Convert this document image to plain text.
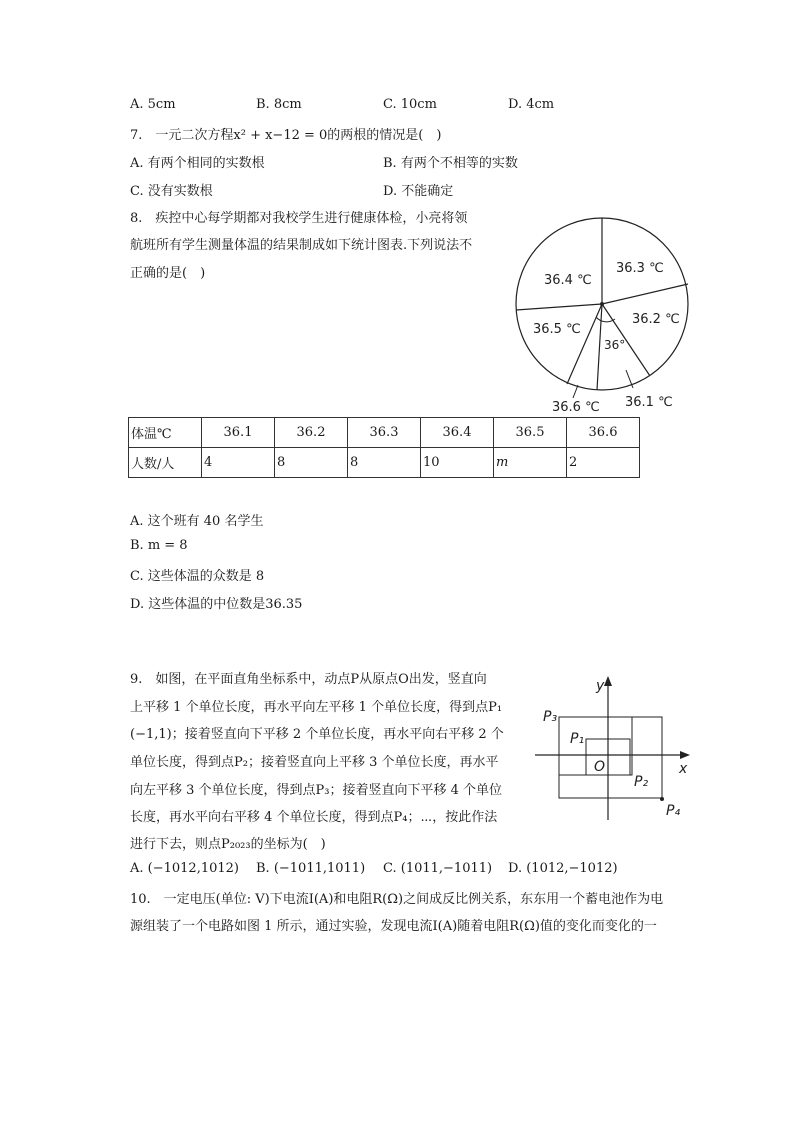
A. 5cm	B. 8cm	C. 10cm	D. 4cm
7.　一元二次方程x² + x−12 = 0的两根的情况是(　)
A. 有两个相同的实数根	B. 有两个不相等的实数
C. 没有实数根	D. 不能确定
8.　疾控中心每学期都对我校学生进行健康体检，小亮将领
航班所有学生测量体温的结果制成如下统计图表.下列说法不
正确的是(　)	36.4 ℃
36.3 ℃
36.2 ℃
36.5 ℃
36.1 ℃
36.6 ℃
36°
体温℃	36.1	36.2	36.3	36.4	36.5	36.6
人数/人	4	8	8	10	m	2
A. 这个班有 40 名学生
B. m = 8
C. 这些体温的众数是 8
D. 这些体温的中位数是36.35
9.　如图，在平面直角坐标系中，动点P从原点O出发，竖直向
上平移 1 个单位长度，再水平向左平移 1 个单位长度，得到点P₁
(−1,1)；接着竖直向下平移 2 个单位长度，再水平向右平移 2 个
单位长度，得到点P₂；接着竖直向上平移 3 个单位长度，再水平
向左平移 3 个单位长度，得到点P₃；接着竖直向下平移 4 个单位
长度，再水平向右平移 4 个单位长度，得到点P₄；⋯，按此作法
进行下去，则点P₂₀₂₃的坐标为(　)
y
x
O
P₁
P₂
P₃
P₄
A. (−1012,1012) B. (−1011,1011) C. (1011,−1011) D. (1012,−1012)
10.　一定电压(单位: V)下电流I(A)和电阻R(Ω)之间成反比例关系，东东用一个蓄电池作为电
源组装了一个电路如图 1 所示，通过实验，发现电流I(A)随着电阻R(Ω)值的变化而变化的一
